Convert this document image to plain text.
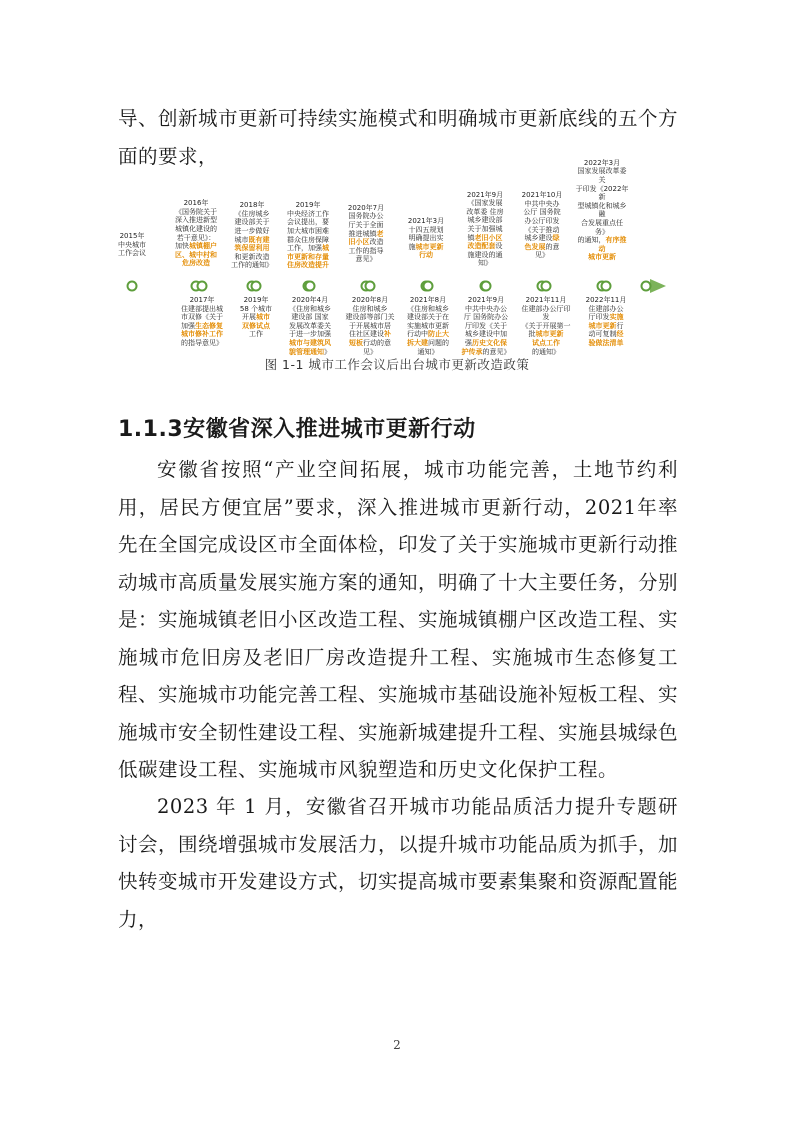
导、创新城市更新可持续实施模式和明确城市更新底线的五个方面的要求，

2015年
中央城市
工作会议
2016年
《国务院关于
深入推进新型
城镇化建设的
若干意见》：
加快城镇棚户
区、城中村和
危房改造
2018年
《住房城乡
建设部关于
进一步做好
城市既有建
筑保留利用
和更新改造
工作的通知》
2019年
中央经济工作
会议提出，要
加大城市困难
群众住房保障
工作，加强城
市更新和存量
住房改造提升
2020年7月
国务院办公
厅关于全面
推进城镇老
旧小区改造
工作的指导
意见》
2021年3月
十四五规划
明确提出实
施城市更新
行动
2021年9月
《国家发展
改革委 住房
城乡建设部
关于加强城
镇老旧小区
改造配套设
施建设的通
知》
2021年10月
中共中央办
公厅 国务院
办公厅印发
《关于推动
城乡建设绿
色发展的意
见》
2022年3月
国家发展改革委关
于印发《2022年新
型城镇化和城乡融
合发展重点任务》
的通知，有序推动
城市更新
2017年
住建部提出城
市双修《关于
加强生态修复
城市修补工作
的指导意见》
2019年
58 个城市
开展城市
双修试点
工作
2020年4月
《住房和城乡
建设部 国家
发展改革委关
于进一步加强
城市与建筑风
貌管理通知》
2020年8月
住房和城乡
建设部等部门关
于开展城市居
住社区建设补
短板行动的意
见》
2021年8月
《住房和城乡
建设部关于在
实施城市更新
行动中防止大
拆大建问题的
通知》
2021年9月
中共中央办公
厅 国务院办公
厅印发《关于
城乡建设中加
强历史文化保
护传承的意见》
2021年11月
住建部办公厅印发
《关于开展第一
批城市更新
试点工作的通知》
2022年11月
住建部办公
厅印发实施
城市更新行
动可复制经
验做法清单
图 1-1 城市工作会议后出台城市更新改造政策
1.1.3安徽省深入推进城市更新行动

安徽省按照“产业空间拓展，城市功能完善，土地节约利用，居民方便宜居”要求，深入推进城市更新行动，2021年率先在全国完成设区市全面体检，印发了关于实施城市更新行动推动城市高质量发展实施方案的通知，明确了十大主要任务，分别是：实施城镇老旧小区改造工程、实施城镇棚户区改造工程、实施城市危旧房及老旧厂房改造提升工程、实施城市生态修复工程、实施城市功能完善工程、实施城市基础设施补短板工程、实施城市安全韧性建设工程、实施新城建提升工程、实施县城绿色低碳建设工程、实施城市风貌塑造和历史文化保护工程。

2023 年 1 月，安徽省召开城市功能品质活力提升专题研讨会，围绕增强城市发展活力，以提升城市功能品质为抓手，加快转变城市开发建设方式，切实提高城市要素集聚和资源配置能力，

2
